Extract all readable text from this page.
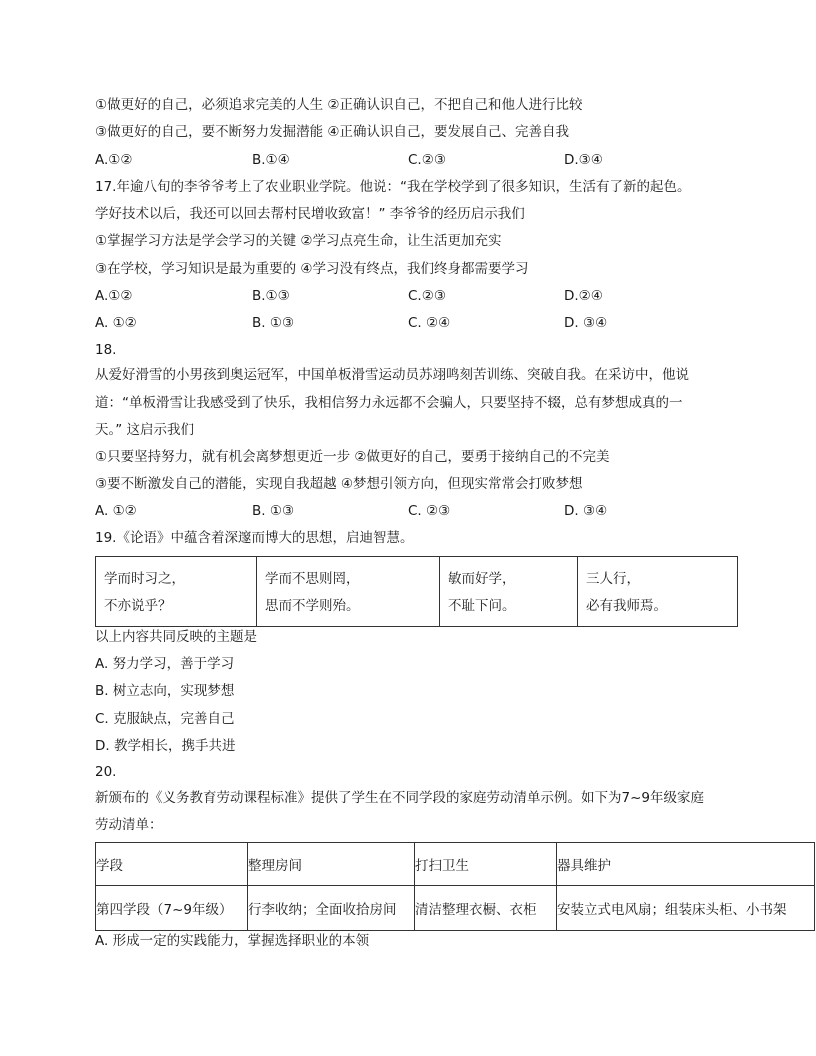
①做更好的自己，必须追求完美的人生 ②正确认识自己，不把自己和他人进行比较
③做更好的自己，要不断努力发掘潜能 ④正确认识自己，要发展自己、完善自我
A.①②	B.①④	C.②③	D.③④
17.年逾八旬的李爷爷考上了农业职业学院。他说：“我在学校学到了很多知识，生活有了新的起色。
学好技术以后，我还可以回去帮村民增收致富！” 李爷爷的经历启示我们
①掌握学习方法是学会学习的关键 ②学习点亮生命，让生活更加充实
③在学校，学习知识是最为重要的 ④学习没有终点，我们终身都需要学习
A.①②	B.①③	C.②③	D.②④
A. ①②	B. ①③	C. ②④	D. ③④
18.
从爱好滑雪的小男孩到奥运冠军，中国单板滑雪运动员苏翊鸣刻苦训练、突破自我。在采访中，他说
道：“单板滑雪让我感受到了快乐，我相信努力永远都不会骗人，只要坚持不辍，总有梦想成真的一
天。” 这启示我们
①只要坚持努力，就有机会离梦想更近一步 ②做更好的自己，要勇于接纳自己的不完美
③要不断激发自己的潜能，实现自我超越 ④梦想引领方向，但现实常常会打败梦想
A. ①②	B. ①③	C. ②③	D. ③④
19.《论语》中蕴含着深邃而博大的思想，启迪智慧。
学而时习之，
不亦说乎？

学而不思则罔，
思而不学则殆。

敏而好学，
不耻下问。

三人行，
必有我师焉。
以上内容共同反映的主题是
A. 努力学习，善于学习
B. 树立志向，实现梦想
C. 克服缺点，完善自己
D. 教学相长，携手共进
20.
新颁布的《义务教育劳动课程标准》提供了学生在不同学段的家庭劳动清单示例。如下为7~9年级家庭
劳动清单：
学段	整理房间	打扫卫生	器具维护

第四学段（7~9年级）	行李收纳；全面收拾房间	清洁整理衣橱、衣柜	安装立式电风扇；组装床头柜、小书架
A. 形成一定的实践能力，掌握选择职业的本领
